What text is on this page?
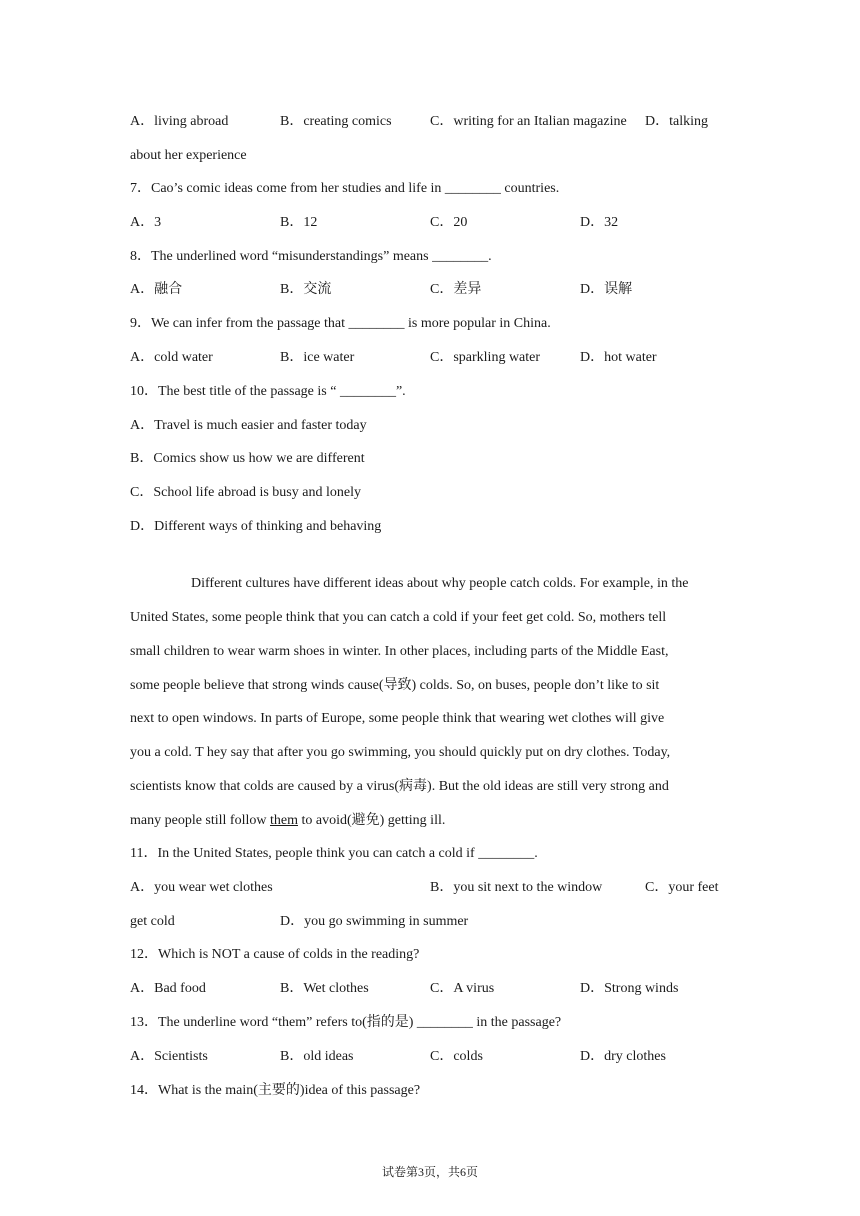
A．living abroad	B．creating comics	C．writing for an Italian magazine D．talking
about her experience
7．Cao’s comic ideas come from her studies and life in ________ countries.
A．3	B．12	C．20	D．32
8．The underlined word “misunderstandings” means ________.
A．融合	B．交流	C．差异	D．误解
9．We can infer from the passage that ________ is more popular in China.
A．cold water	B．ice water	C．sparkling water	D．hot water
10．The best title of the passage is “ ________”.
A．Travel is much easier and faster today
B．Comics show us how we are different
C．School life abroad is busy and lonely
D．Different ways of thinking and behaving
Different cultures have different ideas about why people catch colds. For example, in the
United States, some people think that you can catch a cold if your feet get cold. So, mothers tell
small children to wear warm shoes in winter. In other places, including parts of the Middle East,
some people believe that strong winds cause(导致) colds. So, on buses, people don’t like to sit
next to open windows. In parts of Europe, some people think that wearing wet clothes will give
you a cold. T hey say that after you go swimming, you should quickly put on dry clothes. Today,
scientists know that colds are caused by a virus(病毒). But the old ideas are still very strong and
many people still follow them to avoid(避免) getting ill.
11．In the United States, people think you can catch a cold if ________.
A．you wear wet clothes	B．you sit next to the window	C．your feet
get cold	D．you go swimming in summer
12．Which is NOT a cause of colds in the reading?
A．Bad food	B．Wet clothes	C．A virus	D．Strong winds
13．The underline word “them” refers to(指的是) ________ in the passage?
A．Scientists	B．old ideas	C．colds	D．dry clothes
14．What is the main(主要的)idea of this passage?
试卷第3页，共6页
